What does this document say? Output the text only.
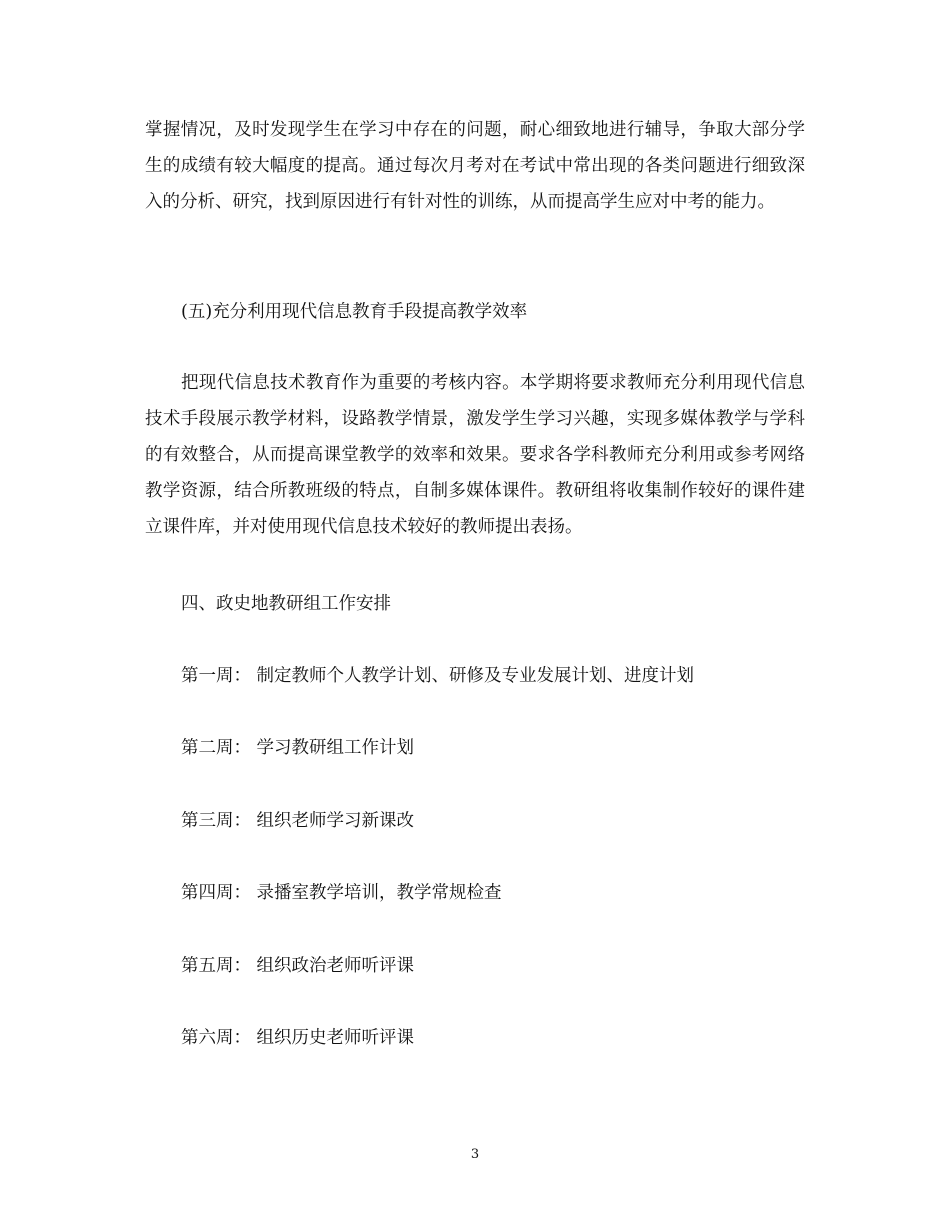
掌握情况，及时发现学生在学习中存在的问题，耐心细致地进行辅导，争取大部分学生的成绩有较大幅度的提高。通过每次月考对在考试中常出现的各类问题进行细致深入的分析、研究，找到原因进行有针对性的训练，从而提高学生应对中考的能力。

(五)充分利用现代信息教育手段提高教学效率

把现代信息技术教育作为重要的考核内容。本学期将要求教师充分利用现代信息技术手段展示教学材料，设路教学情景，激发学生学习兴趣，实现多媒体教学与学科的有效整合，从而提高课堂教学的效率和效果。要求各学科教师充分利用或参考网络教学资源，结合所教班级的特点，自制多媒体课件。教研组将收集制作较好的课件建立课件库，并对使用现代信息技术较好的教师提出表扬。

四、政史地教研组工作安排

第一周： 制定教师个人教学计划、研修及专业发展计划、进度计划

第二周： 学习教研组工作计划

第三周： 组织老师学习新课改

第四周： 录播室教学培训，教学常规检查

第五周： 组织政治老师听评课

第六周： 组织历史老师听评课

3
